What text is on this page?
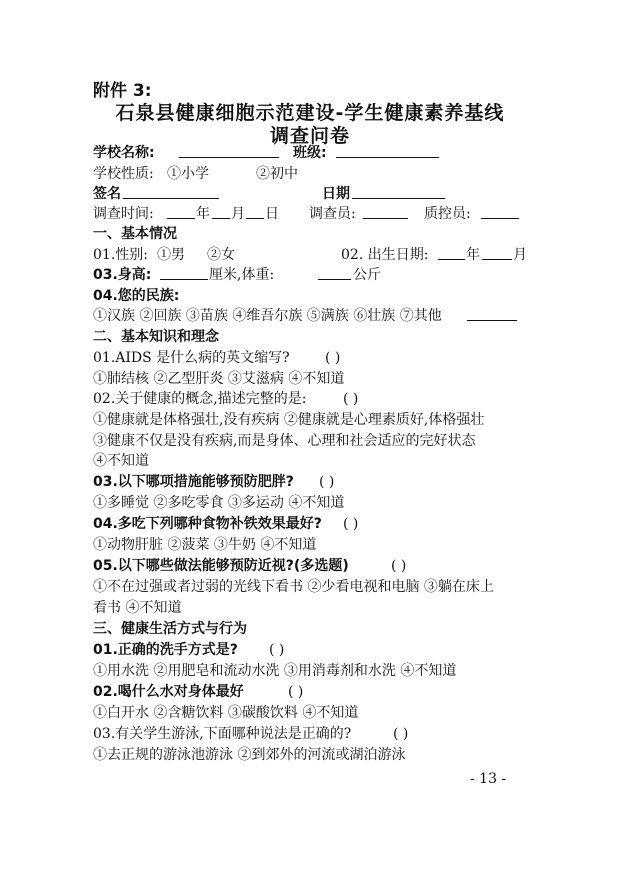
附件 3:
石泉县健康细胞示范建设-学生健康素养基线
调查问卷
学校名称:	班级:
学校性质: ①小学	②初中
签名	日期
调查时间:	年 月 日 调查员:	质控员:
一、基本情况
01.性别: ①男 ②女	02. 出生日期:	年 月
03.身高:	厘米,体重:	公斤
04.您的民族:
①汉族 ②回族 ③苗族 ④维吾尔族 ⑤满族 ⑥壮族 ⑦其他
二、基本知识和理念
01.AIDS 是什么病的英文缩写?	( )
①肺结核 ②乙型肝炎 ③艾滋病 ④不知道
02.关于健康的概念,描述完整的是:	( )
①健康就是体格强壮,没有疾病 ②健康就是心理素质好,体格强壮
③健康不仅是没有疾病,而是身体、心理和社会适应的完好状态
④不知道
03.以下哪项措施能够预防肥胖? ( )
①多睡觉 ②多吃零食 ③多运动 ④不知道
04.多吃下列哪种食物补铁效果最好? ( )
①动物肝脏 ②菠菜 ③牛奶 ④不知道
05.以下哪些做法能够预防近视?(多选题)	( )
①不在过强或者过弱的光线下看书 ②少看电视和电脑 ③躺在床上
看书 ④不知道
三、健康生活方式与行为
01.正确的洗手方式是? ( )
①用水洗 ②用肥皂和流动水洗 ③用消毒剂和水洗 ④不知道
02.喝什么水对身体最好	( )
①白开水 ②含糖饮料 ③碳酸饮料 ④不知道
03.有关学生游泳,下面哪种说法是正确的?	( )
①去正规的游泳池游泳 ②到郊外的河流或湖泊游泳
- 13 -
